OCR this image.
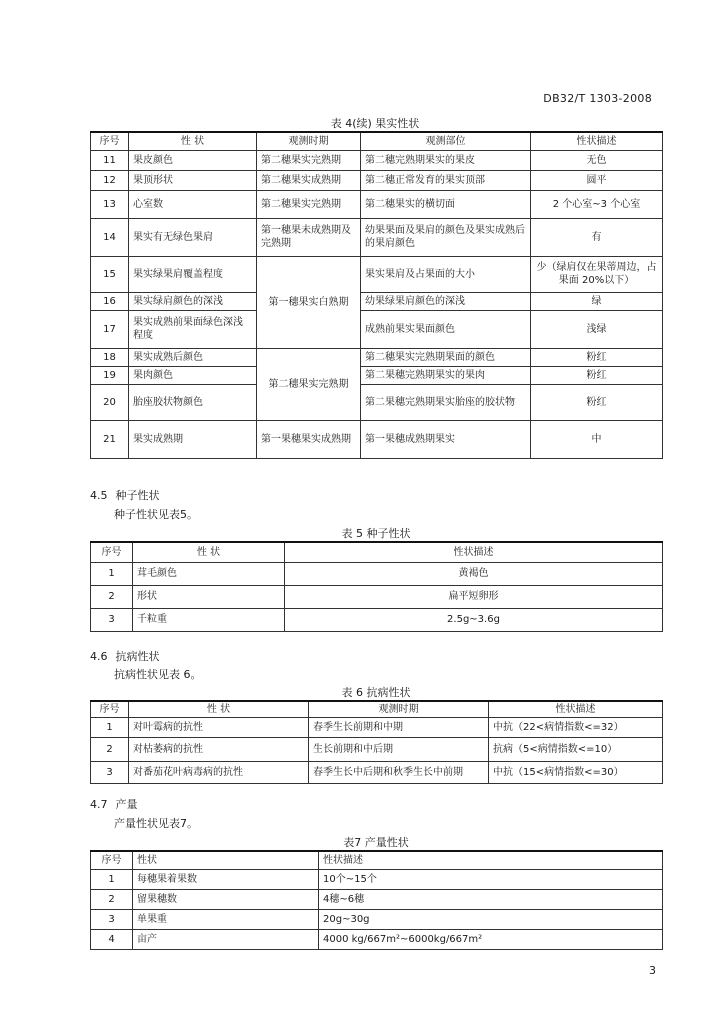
DB32/T 1303-2008
表 4(续) 果实性状
序号	性 状	观测时期	观测部位	性状描述
11	果皮颜色	第二穗果实完熟期	第二穗完熟期果实的果皮	无色
12	果顶形状	第二穗果实成熟期	第二穗正常发育的果实顶部	圆平
13	心室数	第二穗果实完熟期	第二穗果实的横切面	2 个心室~3 个心室
14	果实有无绿色果肩	第一穗果未成熟期及完熟期	幼果果面及果肩的颜色及果实成熟后的果肩颜色	有
15	果实绿果肩覆盖程度	第一穗果实白熟期	果实果肩及占果面的大小	少（绿肩仅在果蒂周边，占果面 20%以下）
16	果实绿肩颜色的深浅		幼果绿果肩颜色的深浅	绿
17	果实成熟前果面绿色深浅程度		成熟前果实果面颜色	浅绿
18	果实成熟后颜色	第二穗果实完熟期	第二穗果实完熟期果面的颜色	粉红
19	果肉颜色		第二果穗完熟期果实的果肉	粉红
20	胎座胶状物颜色		第二果穗完熟期果实胎座的胶状物	粉红
21	果实成熟期	第一果穗果实成熟期	第一果穗成熟期果实	中
4.5 种子性状
种子性状见表5。
表 5 种子性状
序号	性 状	性状描述
1	茸毛颜色	黄褐色
2	形状	扁平短卵形
3	千粒重	2.5g~3.6g
4.6 抗病性状
抗病性状见表 6。
表 6 抗病性状
序号	性 状	观测时期	性状描述
1	对叶霉病的抗性	春季生长前期和中期	中抗（22<病情指数<=32）
2	对枯萎病的抗性	生长前期和中后期	抗病（5<病情指数<=10）
3	对番茄花叶病毒病的抗性	春季生长中后期和秋季生长中前期	中抗（15<病情指数<=30）
4.7 产量
产量性状见表7。
表7 产量性状
序号	性状	性状描述
1	每穗果着果数	10个~15个
2	留果穗数	4穗~6穗
3	单果重	20g~30g
4	亩产	4000 kg/667m²~6000kg/667m²
3
